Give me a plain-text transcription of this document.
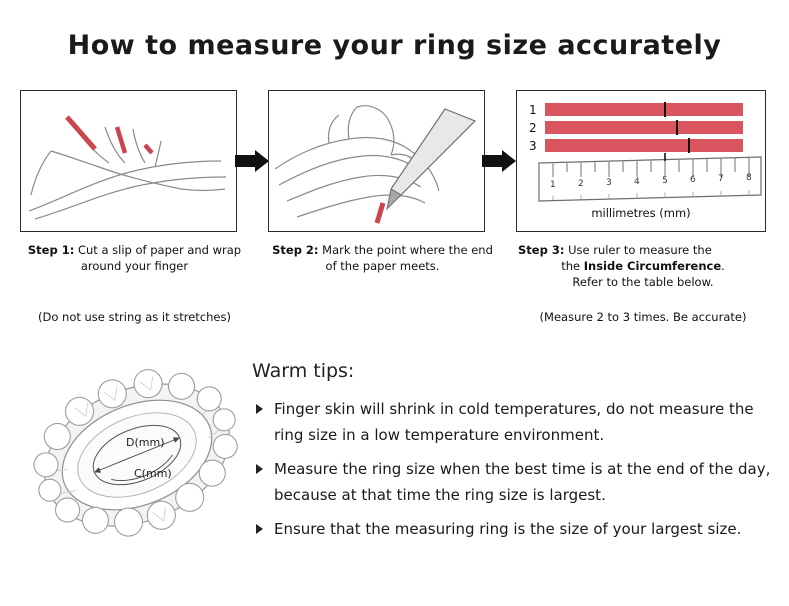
How to measure your ring size accurately
1
2
3
1 2 3 4 5 6 7 8
millimetres (mm)
Step 1: Cut a slip of paper and wrap around your finger
Step 2: Mark the point where the end of the paper meets.
Step 3: Use ruler to measure the
the Inside Circumference.
Refer to the table below.
(Do not use string as it stretches)	(Measure 2 to 3 times. Be accurate)
D(mm)
C(mm)
Warm tips:
Finger skin will shrink in cold temperatures, do not measure the ring size in a low temperature environment.
Measure the ring size when the best time is at the end of the day, because at that time the ring size is largest.
Ensure that the measuring ring is the size of your largest size.
